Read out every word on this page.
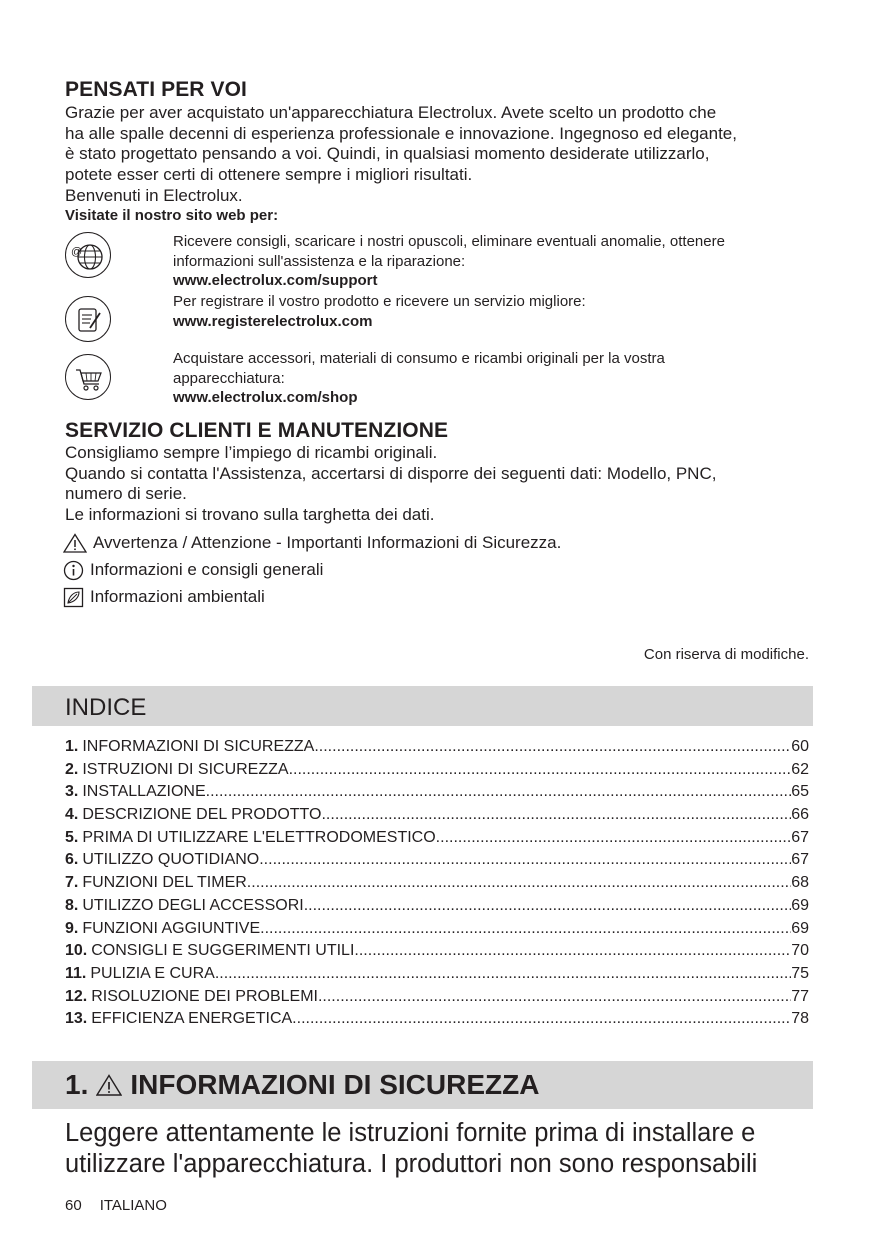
PENSATI PER VOI
Grazie per aver acquistato un'apparecchiatura Electrolux. Avete scelto un prodotto che
ha alle spalle decenni di esperienza professionale e innovazione. Ingegnoso ed elegante,
è stato progettato pensando a voi. Quindi, in qualsiasi momento desiderate utilizzarlo,
potete esser certi di ottenere sempre i migliori risultati.
Benvenuti in Electrolux.
Visitate il nostro sito web per:
@
Ricevere consigli, scaricare i nostri opuscoli, eliminare eventuali anomalie, ottenere
informazioni sull'assistenza e la riparazione:
www.electrolux.com/support
Per registrare il vostro prodotto e ricevere un servizio migliore:
www.registerelectrolux.com
Acquistare accessori, materiali di consumo e ricambi originali per la vostra
apparecchiatura:
www.electrolux.com/shop
SERVIZIO CLIENTI E MANUTENZIONE
Consigliamo sempre l’impiego di ricambi originali.
Quando si contatta l'Assistenza, accertarsi di disporre dei seguenti dati: Modello, PNC,
numero di serie.
Le informazioni si trovano sulla targhetta dei dati.
Avvertenza / Attenzione - Importanti Informazioni di Sicurezza.
Informazioni e consigli generali
Informazioni ambientali
Con riserva di modifiche.
INDICE
1. INFORMAZIONI DI SICUREZZA .....	60
2. ISTRUZIONI DI SICUREZZA .....	62
3. INSTALLAZIONE .....	65
4. DESCRIZIONE DEL PRODOTTO .....	66
5. PRIMA DI UTILIZZARE L'ELETTRODOMESTICO .....	67
6. UTILIZZO QUOTIDIANO .....	67
7. FUNZIONI DEL TIMER .....	68
8. UTILIZZO DEGLI ACCESSORI .....	69
9. FUNZIONI AGGIUNTIVE .....	69
10. CONSIGLI E SUGGERIMENTI UTILI .....	70
11. PULIZIA E CURA .....	75
12. RISOLUZIONE DEI PROBLEMI .....	77
13. EFFICIENZA ENERGETICA .....	78
1. INFORMAZIONI DI SICUREZZA
Leggere attentamente le istruzioni fornite prima di installare e
utilizzare l'apparecchiatura. I produttori non sono responsabili
60 ITALIANO
